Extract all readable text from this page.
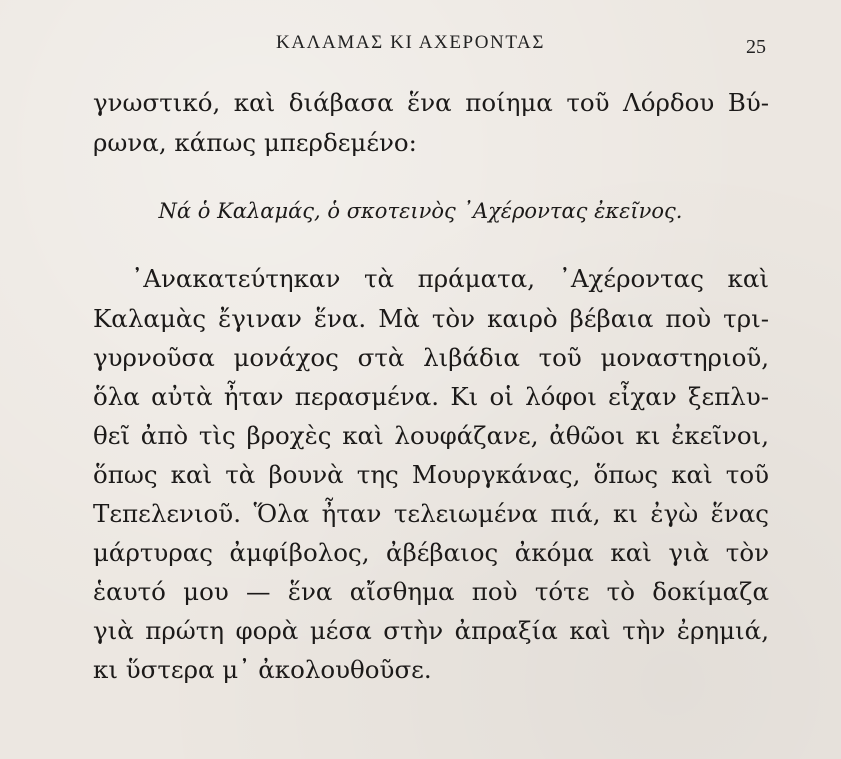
ΚΑΛΑΜΑΣ ΚΙ ΑΧΕΡΟΝΤΑΣ	25
γνωστικό, καὶ διάβασα ἕνα ποίημα τοῦ Λόρδου Βύ-
ρωνα, κάπως μπερδεμένο:
Νά ὁ Καλαμάς, ὁ σκοτεινὸς ᾿Αχέροντας ἐκεῖνος.
᾿Ανακατεύτηκαν τὰ πράματα, ᾿Αχέροντας καὶ
Καλαμὰς ἔγιναν ἕνα. Μὰ τὸν καιρὸ βέβαια ποὺ τρι-
γυρνοῦσα μονάχος στὰ λιβάδια τοῦ μοναστηριοῦ,
ὅλα αὐτὰ ἦταν περασμένα. Κι οἱ λόφοι εἶχαν ξεπλυ-
θεῖ ἀπὸ τὶς βροχὲς καὶ λουφάζανε, ἀθῶοι κι ἐκεῖνοι,
ὅπως καὶ τὰ βουνὰ της Μουργκάνας, ὅπως καὶ τοῦ
Τεπελενιοῦ. Ὅλα ἦταν τελειωμένα πιά, κι ἐγὼ ἕνας
μάρτυρας ἀμφίβολος, ἀβέβαιος ἀκόμα καὶ γιὰ τὸν
ἑαυτό μου — ἕνα αἴσθημα ποὺ τότε τὸ δοκίμαζα
γιὰ πρώτη φορὰ μέσα στὴν ἀπραξία καὶ τὴν ἐρημιά,
κι ὕστερα μ᾿ ἀκολουθοῦσε.
